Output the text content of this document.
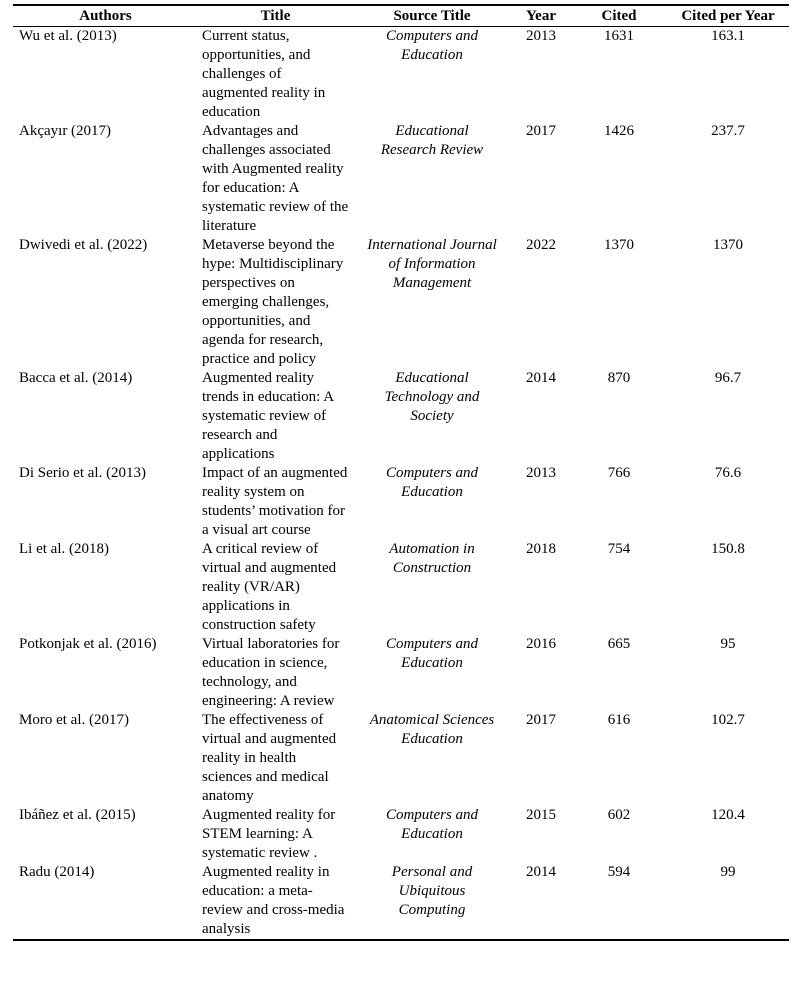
Authors	Title	Source Title	Year	Cited	Cited per Year
Wu et al. (2013)	Current status, opportunities, and challenges of augmented reality in education	Computers and Education	2013	1631	163.1
Akçayır (2017)	Advantages and challenges associated with Augmented reality for education: A systematic review of the literature	Educational Research Review	2017	1426	237.7
Dwivedi et al. (2022)	Metaverse beyond the hype: Multidisciplinary perspectives on emerging challenges, opportunities, and agenda for research, practice and policy	International Journal of Information Management	2022	1370	1370
Bacca et al. (2014)	Augmented reality trends in education: A systematic review of research and applications	Educational Technology and Society	2014	870	96.7
Di Serio et al. (2013)	Impact of an augmented reality system on students’ motivation for a visual art course	Computers and Education	2013	766	76.6
Li et al. (2018)	A critical review of virtual and augmented reality (VR/AR) applications in construction safety	Automation in Construction	2018	754	150.8
Potkonjak et al. (2016)	Virtual laboratories for education in science, technology, and engineering: A review	Computers and Education	2016	665	95
Moro et al. (2017)	The effectiveness of virtual and augmented reality in health sciences and medical anatomy	Anatomical Sciences Education	2017	616	102.7
Ibáñez et al. (2015)	Augmented reality for STEM learning: A systematic review .	Computers and Education	2015	602	120.4
Radu (2014)	Augmented reality in education: a meta-review and cross-media analysis	Personal and Ubiquitous Computing	2014	594	99
